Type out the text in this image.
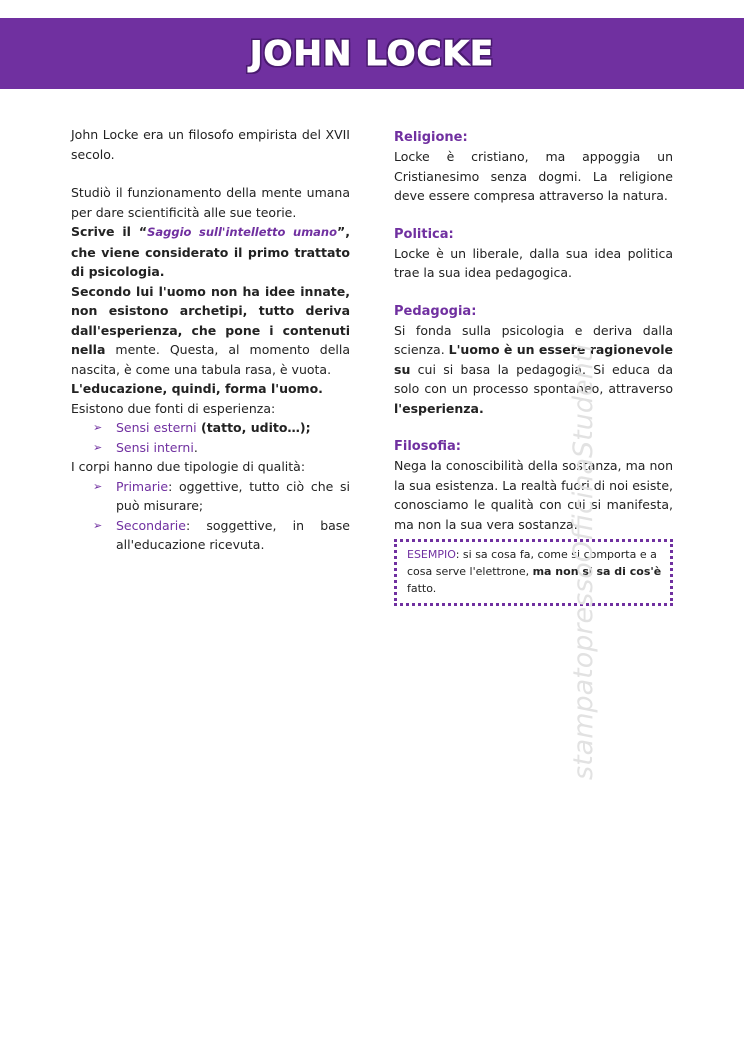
JOHN LOCKE

John Locke era un filosofo empirista del XVII secolo.

Studiò il funzionamento della mente umana per dare scientificità alle sue teorie.

Scrive il “Saggio sull'intelletto umano”, che viene considerato il primo trattato di psicologia.

Secondo lui l'uomo non ha idee innate, non esistono archetipi, tutto deriva dall'esperienza, che pone i contenuti nella mente. Questa, al momento della nascita, è come una tabula rasa, è vuota.

L'educazione, quindi, forma l'uomo.

Esistono due fonti di esperienza:

➢ Sensi esterni (tatto, udito…);
➢ Sensi interni.

I corpi hanno due tipologie di qualità:

➢ Primarie: oggettive, tutto ciò che si può misurare;
➢ Secondarie: soggettive, in base all'educazione ricevuta.
Religione:

Locke è cristiano, ma appoggia un Cristianesimo senza dogmi. La religione deve essere compresa attraverso la natura.

Politica:

Locke è un liberale, dalla sua idea politica trae la sua idea pedagogica.

Pedagogia:

Si fonda sulla psicologia e deriva dalla scienza. L'uomo è un essere ragionevole su cui si basa la pedagogia. Si educa da solo con un processo spontaneo, attraverso l'esperienza.

Filosofia:

Nega la conoscibilità della sostanza, ma non la sua esistenza. La realtà fuori di noi esiste, conosciamo le qualità con cui si manifesta, ma non la sua vera sostanza.

ESEMPIO: si sa cosa fa, come si comporta e a cosa serve l'elettrone, ma non si sa di cos'è fatto.	stampatopressoOfficinaStudenti
